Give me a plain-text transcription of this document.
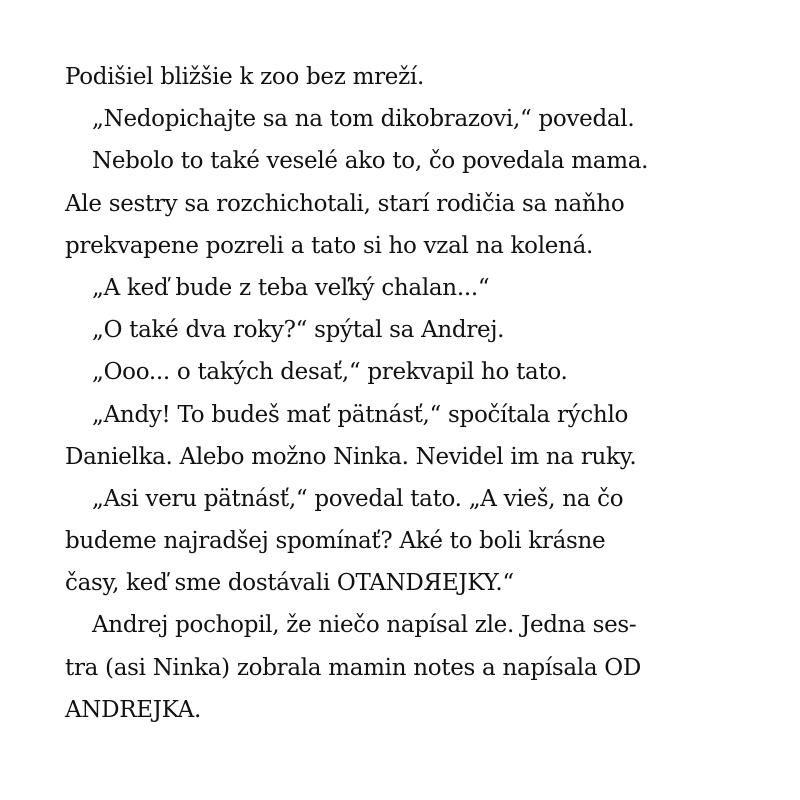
Podišiel bližšie k zoo bez mreží.
„Nedopichajte sa na tom dikobrazovi,“ povedal.
Nebolo to také veselé ako to, čo povedala mama.
Ale sestry sa rozchichotali, starí rodičia sa naňho
prekvapene pozreli a tato si ho vzal na kolená.
„A keď bude z teba veľký chalan...“
„O také dva roky?“ spýtal sa Andrej.
„Ooo... o takých desať,“ prekvapil ho tato.
„Andy! To budeš mať pätnásť,“ spočítala rýchlo
Danielka. Alebo možno Ninka. Nevidel im na ruky.
„Asi veru pätnásť,“ povedal tato. „A vieš, na čo
budeme najradšej spomínať? Aké to boli krásne
časy, keď sme dostávali OTANDЯEJKY.“
Andrej pochopil, že niečo napísal zle. Jedna ses-
tra (asi Ninka) zobrala mamin notes a napísala OD
ANDREJKA.
